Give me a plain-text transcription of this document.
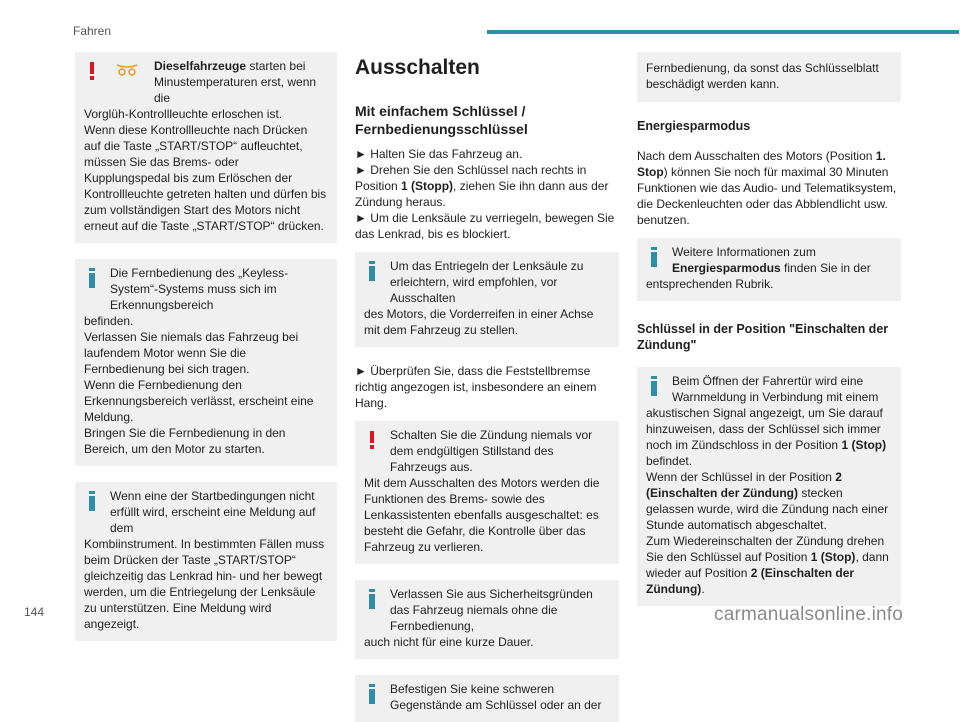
Fahren

Dieselfahrzeuge starten bei
Minustemperaturen erst, wenn die

Vorglüh-Kontrollleuchte erloschen ist.
Wenn diese Kontrollleuchte nach Drücken auf die Taste „START/STOP“ aufleuchtet, müssen Sie das Brems- oder Kupplungspedal bis zum Erlöschen der Kontrollleuchte getreten halten und dürfen bis zum vollständigen Start des Motors nicht erneut auf die Taste „START/STOP“ drücken.

Die Fernbedienung des „Keyless-System“-Systems muss sich im Erkennungsbereich

befinden.
Verlassen Sie niemals das Fahrzeug bei laufendem Motor wenn Sie die Fernbedienung bei sich tragen.
Wenn die Fernbedienung den Erkennungsbereich verlässt, erscheint eine Meldung.
Bringen Sie die Fernbedienung in den Bereich, um den Motor zu starten.

Wenn eine der Startbedingungen nicht erfüllt wird, erscheint eine Meldung auf dem

Kombiinstrument. In bestimmten Fällen muss beim Drücken der Taste „START/STOP“ gleichzeitig das Lenkrad hin- und her bewegt werden, um die Entriegelung der Lenksäule zu unterstützen. Eine Meldung wird angezeigt.

Ausschalten
Mit einfachem Schlüssel / Fernbedienungsschlüssel

► Halten Sie das Fahrzeug an.
► Drehen Sie den Schlüssel nach rechts in Position 1 (Stopp), ziehen Sie ihn dann aus der Zündung heraus.
► Um die Lenksäule zu verriegeln, bewegen Sie das Lenkrad, bis es blockiert.

Um das Entriegeln der Lenksäule zu erleichtern, wird empfohlen, vor Ausschalten

des Motors, die Vorderreifen in einer Achse mit dem Fahrzeug zu stellen.

► Überprüfen Sie, dass die Feststellbremse richtig angezogen ist, insbesondere an einem Hang.

Schalten Sie die Zündung niemals vor dem endgültigen Stillstand des Fahrzeugs aus.

Mit dem Ausschalten des Motors werden die Funktionen des Brems- sowie des Lenkassistenten ebenfalls ausgeschaltet: es besteht die Gefahr, die Kontrolle über das Fahrzeug zu verlieren.

Verlassen Sie aus Sicherheitsgründen das Fahrzeug niemals ohne die Fernbedienung,

auch nicht für eine kurze Dauer.

Befestigen Sie keine schweren Gegenstände am Schlüssel oder an der

Fernbedienung, da sonst das Schlüsselblatt beschädigt werden kann.

Energiesparmodus

Nach dem Ausschalten des Motors (Position 1. Stop) können Sie noch für maximal 30 Minuten Funktionen wie das Audio- und Telematiksystem, die Deckenleuchten oder das Abblendlicht usw. benutzen.

Weitere Informationen zum Energiesparmodus finden Sie in der

entsprechenden Rubrik.

Schlüssel in der Position "Einschalten der Zündung"

Beim Öffnen der Fahrertür wird eine Warnmeldung in Verbindung mit einem

akustischen Signal angezeigt, um Sie darauf hinzuweisen, dass der Schlüssel sich immer noch im Zündschloss in der Position 1 (Stop) befindet.
Wenn der Schlüssel in der Position 2 (Einschalten der Zündung) stecken gelassen wurde, wird die Zündung nach einer Stunde automatisch abgeschaltet.
Zum Wiedereinschalten der Zündung drehen Sie den Schlüssel auf Position 1 (Stop), dann wieder auf Position 2 (Einschalten der Zündung).

144	carmanualsonline.info
